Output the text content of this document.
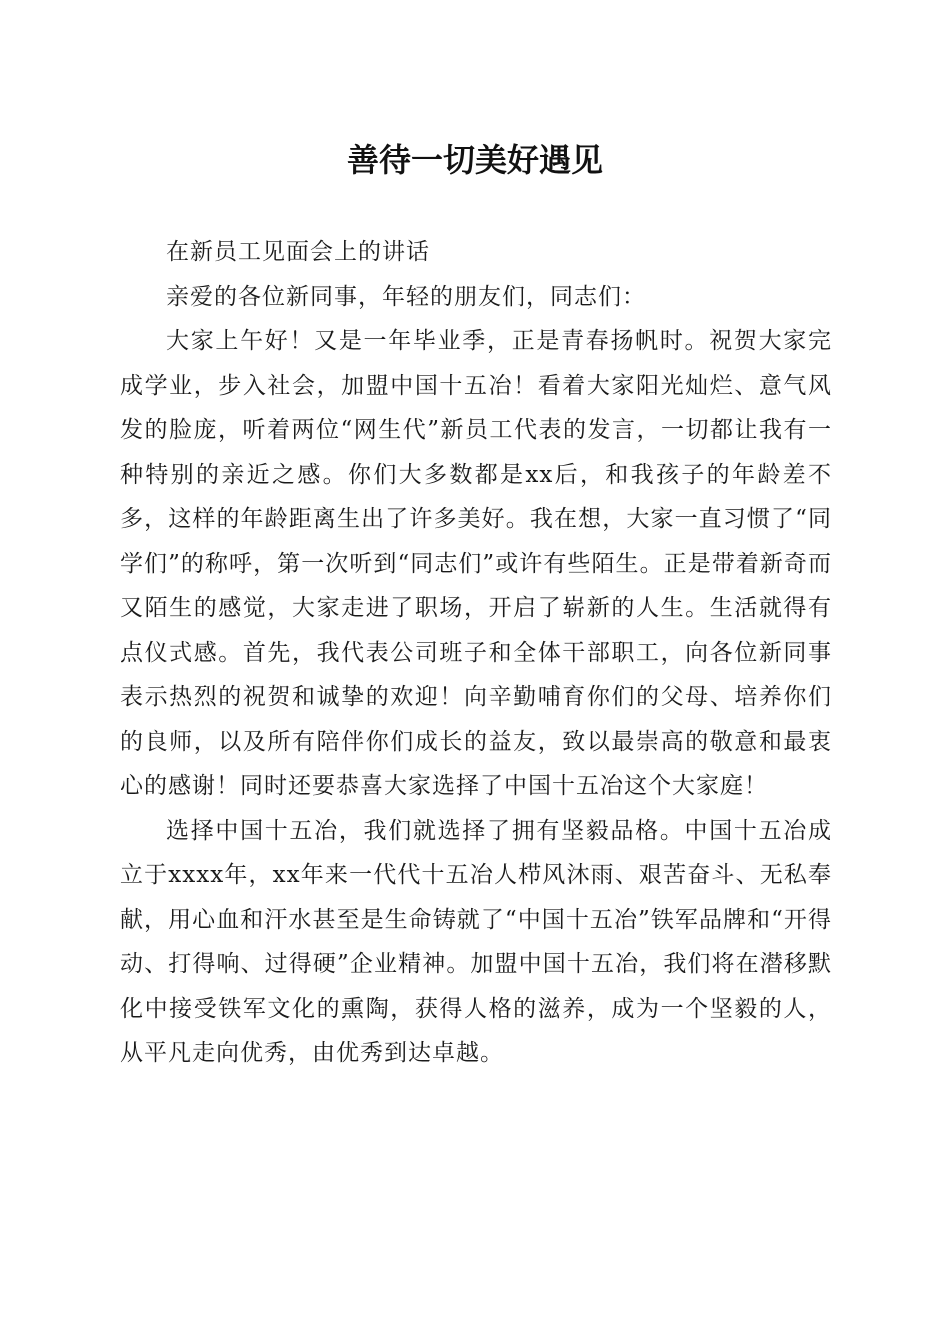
善待一切美好遇见

在新员工见面会上的讲话

亲爱的各位新同事，年轻的朋友们，同志们：

大家上午好！又是一年毕业季，正是青春扬帆时。祝贺大家完成学业，步入社会，加盟中国十五冶！看着大家阳光灿烂、意气风发的脸庞，听着两位“网生代”新员工代表的发言，一切都让我有一种特别的亲近之感。你们大多数都是xx后，和我孩子的年龄差不多，这样的年龄距离生出了许多美好。我在想，大家一直习惯了“同学们”的称呼，第一次听到“同志们”或许有些陌生。正是带着新奇而又陌生的感觉，大家走进了职场，开启了崭新的人生。生活就得有点仪式感。首先，我代表公司班子和全体干部职工，向各位新同事表示热烈的祝贺和诚挚的欢迎！向辛勤哺育你们的父母、培养你们的良师，以及所有陪伴你们成长的益友，致以最崇高的敬意和最衷心的感谢！同时还要恭喜大家选择了中国十五冶这个大家庭！

选择中国十五冶，我们就选择了拥有坚毅品格。中国十五冶成立于xxxx年，xx年来一代代十五冶人栉风沐雨、艰苦奋斗、无私奉献，用心血和汗水甚至是生命铸就了“中国十五冶”铁军品牌和“开得动、打得响、过得硬”企业精神。加盟中国十五冶，我们将在潜移默化中接受铁军文化的熏陶，获得人格的滋养，成为一个坚毅的人，从平凡走向优秀，由优秀到达卓越。
